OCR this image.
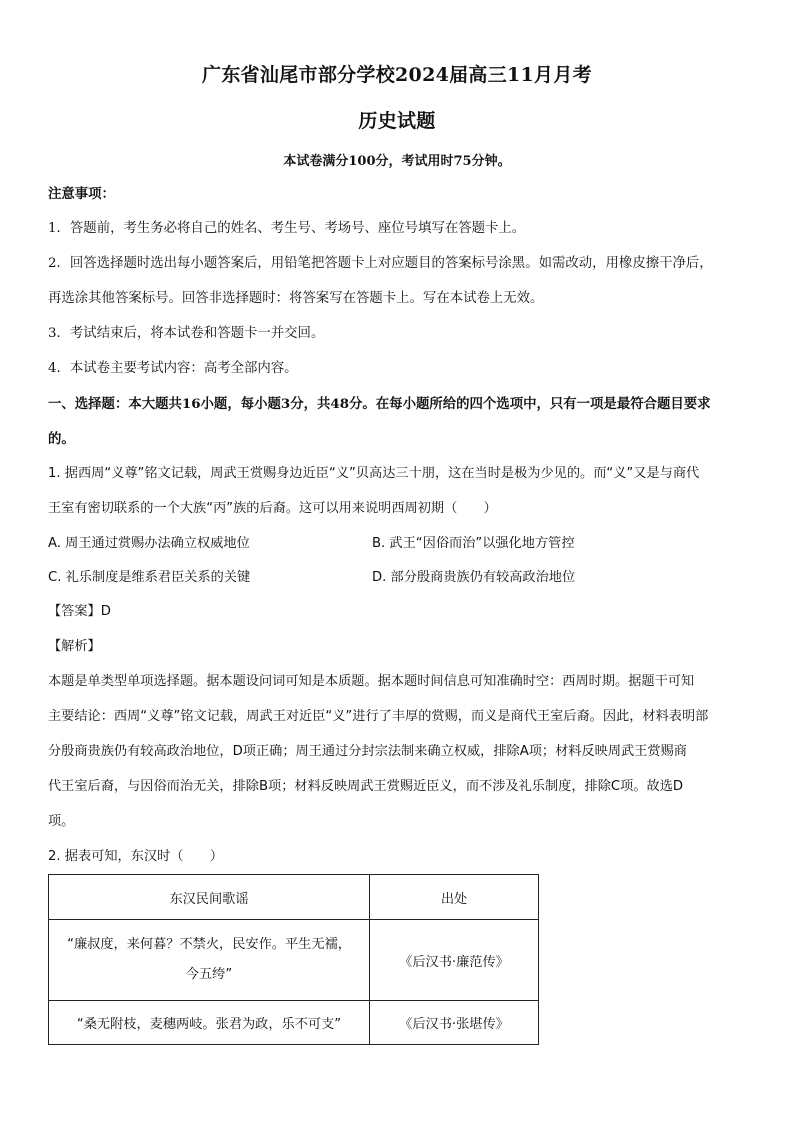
广东省汕尾市部分学校2024届高三11月月考
历史试题
本试卷满分100分，考试用时75分钟。
注意事项：
1．答题前，考生务必将自己的姓名、考生号、考场号、座位号填写在答题卡上。
2．回答选择题时选出每小题答案后，用铅笔把答题卡上对应题目的答案标号涂黑。如需改动，用橡皮擦干净后，
再选涂其他答案标号。回答非选择题时：将答案写在答题卡上。写在本试卷上无效。
3．考试结束后，将本试卷和答题卡一并交回。
4．本试卷主要考试内容：高考全部内容。
一、选择题：本大题共16小题，每小题3分，共48分。在每小题所给的四个选项中，只有一项是最符合题目要求
的。
1. 据西周“义尊”铭文记载，周武王赏赐身边近臣“义”贝高达三十朋，这在当时是极为少见的。而“义”又是与商代
王室有密切联系的一个大族“丙”族的后裔。这可以用来说明西周初期（　　）
A. 周王通过赏赐办法确立权威地位	B. 武王“因俗而治”以强化地方管控
C. 礼乐制度是维系君臣关系的关键	D. 部分殷商贵族仍有较高政治地位
【答案】D
【解析】
本题是单类型单项选择题。据本题设问词可知是本质题。据本题时间信息可知准确时空：西周时期。据题干可知
主要结论：西周“义尊”铭文记载，周武王对近臣“义”进行了丰厚的赏赐，而义是商代王室后裔。因此，材料表明部
分殷商贵族仍有较高政治地位，D项正确；周王通过分封宗法制来确立权威，排除A项；材料反映周武王赏赐商
代王室后裔，与因俗而治无关，排除B项；材料反映周武王赏赐近臣义，而不涉及礼乐制度，排除C项。故选D
项。
2. 据表可知，东汉时（　　）
东汉民间歌谣	出处

“廉叔度，来何暮？不禁火，民安作。平生无襦，
今五绔”	《后汉书·廉范传》
“桑无附枝，麦穗两岐。张君为政，乐不可支”	《后汉书·张堪传》
